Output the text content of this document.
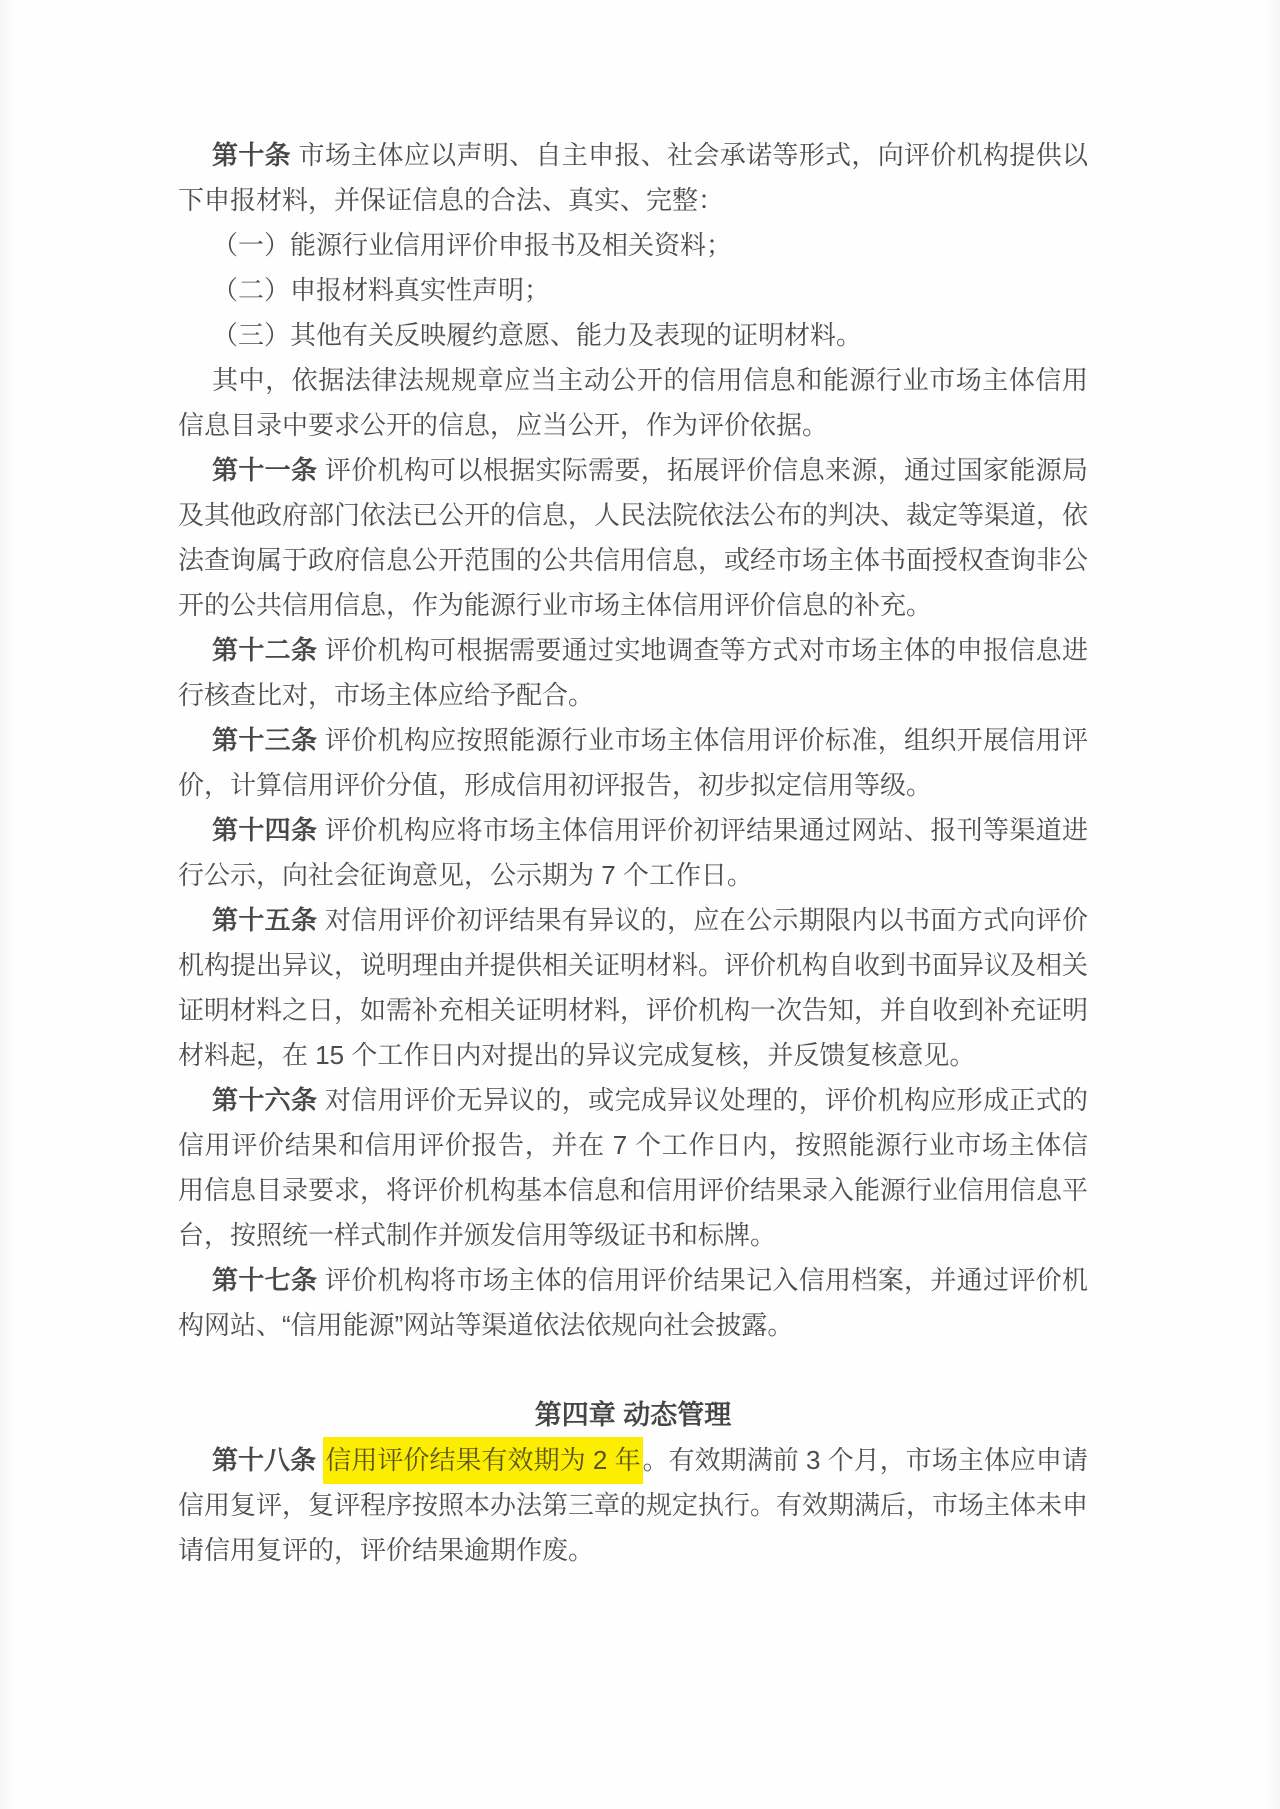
第十条 市场主体应以声明、自主申报、社会承诺等形式，向评价机构提供以下申报材料，并保证信息的合法、真实、完整：

（一）能源行业信用评价申报书及相关资料；

（二）申报材料真实性声明；

（三）其他有关反映履约意愿、能力及表现的证明材料。

其中，依据法律法规规章应当主动公开的信用信息和能源行业市场主体信用信息目录中要求公开的信息，应当公开，作为评价依据。

第十一条 评价机构可以根据实际需要，拓展评价信息来源，通过国家能源局及其他政府部门依法已公开的信息，人民法院依法公布的判决、裁定等渠道，依法查询属于政府信息公开范围的公共信用信息，或经市场主体书面授权查询非公开的公共信用信息，作为能源行业市场主体信用评价信息的补充。

第十二条 评价机构可根据需要通过实地调查等方式对市场主体的申报信息进行核查比对，市场主体应给予配合。

第十三条 评价机构应按照能源行业市场主体信用评价标准，组织开展信用评价，计算信用评价分值，形成信用初评报告，初步拟定信用等级。

第十四条 评价机构应将市场主体信用评价初评结果通过网站、报刊等渠道进行公示，向社会征询意见，公示期为 7 个工作日。

第十五条 对信用评价初评结果有异议的，应在公示期限内以书面方式向评价机构提出异议，说明理由并提供相关证明材料。评价机构自收到书面异议及相关证明材料之日，如需补充相关证明材料，评价机构一次告知，并自收到补充证明材料起，在 15 个工作日内对提出的异议完成复核，并反馈复核意见。

第十六条 对信用评价无异议的，或完成异议处理的，评价机构应形成正式的信用评价结果和信用评价报告，并在 7 个工作日内，按照能源行业市场主体信用信息目录要求，将评价机构基本信息和信用评价结果录入能源行业信用信息平台，按照统一样式制作并颁发信用等级证书和标牌。

第十七条 评价机构将市场主体的信用评价结果记入信用档案，并通过评价机构网站、“信用能源”网站等渠道依法依规向社会披露。

第四章 动态管理

第十八条 信用评价结果有效期为 2 年。有效期满前 3 个月，市场主体应申请信用复评，复评程序按照本办法第三章的规定执行。有效期满后，市场主体未申请信用复评的，评价结果逾期作废。
